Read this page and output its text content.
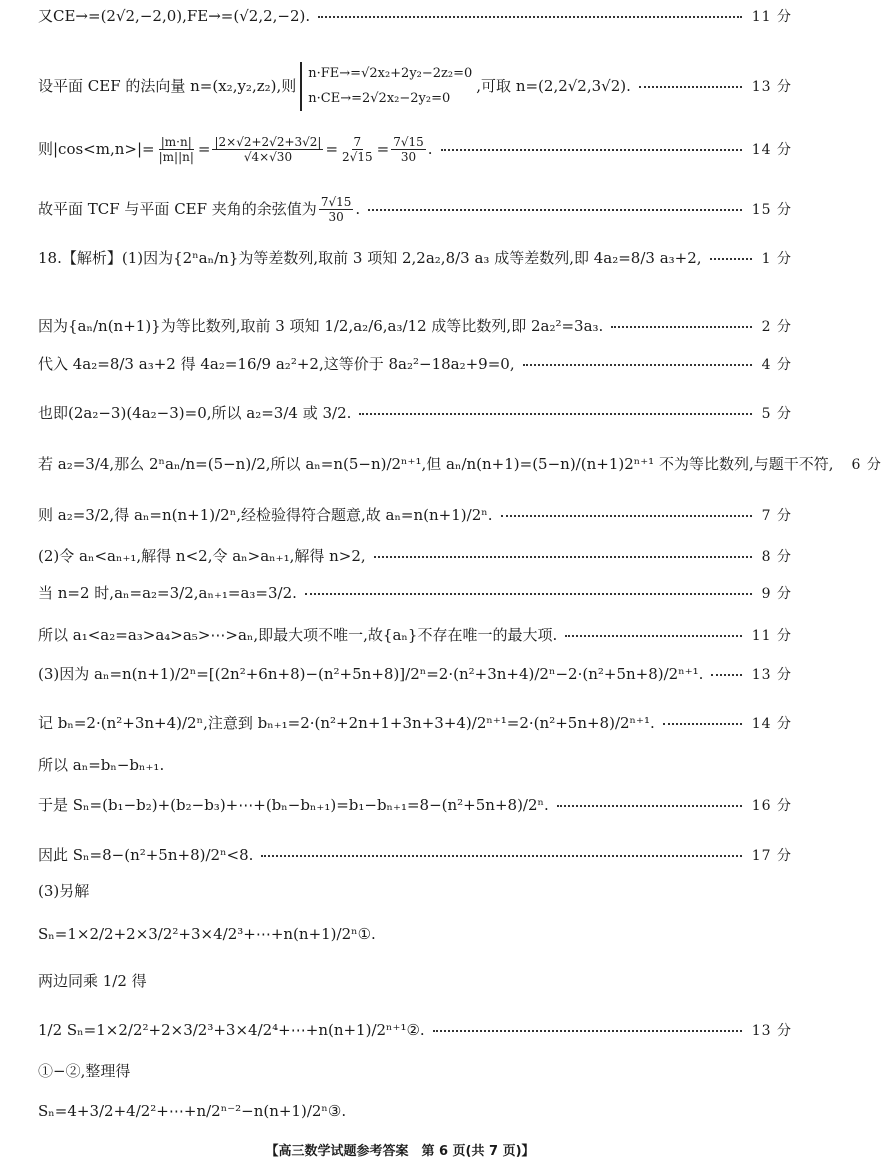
又CE→=(2√2,−2,0),FE→=(√2,2,−2).	11 分
设平面 CEF 的法向量 n=(x₂,y₂,z₂),则
n·FE→=√2x₂+2y₂−2z₂=0
n·CE→=2√2x₂−2y₂=0
,可取 n=(2,2√2,3√2).	13 分
则$|\cos<m,n>|= \frac{|m\cdot n|}{|m||n|} = \frac{|2\times√2+2√2+3√2|}{√4\times√30} = \frac{7}{2√15} = \frac{7√15}{30}$ .	14 分
故平面 TCF 与平面 CEF 夹角的余弦值为 $\frac{7√15}{30}$ .	15 分
18.【解析】(1)因为{2ⁿaₙ/n}为等差数列,取前 3 项知 2,2a₂,8/3 a₃ 成等差数列,即 4a₂=8/3 a₃+2,	1 分
因为{aₙ/n(n+1)}为等比数列,取前 3 项知 1/2,a₂/6,a₃/12 成等比数列,即 2a₂²=3a₃.	2 分
代入 4a₂=8/3 a₃+2 得 4a₂=16/9 a₂²+2,这等价于 8a₂²−18a₂+9=0,	4 分
也即(2a₂−3)(4a₂−3)=0,所以 a₂=3/4 或 3/2.	5 分
若 a₂=3/4,那么 2ⁿaₙ/n=(5−n)/2,所以 aₙ=n(5−n)/2ⁿ⁺¹,但 aₙ/n(n+1)=(5−n)/(n+1)2ⁿ⁺¹ 不为等比数列,与题干不符, 6 分
则 a₂=3/2,得 aₙ=n(n+1)/2ⁿ,经检验得符合题意,故 aₙ=n(n+1)/2ⁿ.	7 分
(2)令 aₙ<aₙ₊₁,解得 n<2,令 aₙ>aₙ₊₁,解得 n>2,	8 分
当 n=2 时,aₙ=a₂=3/2,aₙ₊₁=a₃=3/2.	9 分
所以 a₁<a₂=a₃>a₄>a₅>⋯>aₙ,即最大项不唯一,故{aₙ}不存在唯一的最大项.	11 分
(3)因为 aₙ=n(n+1)/2ⁿ=[(2n²+6n+8)−(n²+5n+8)]/2ⁿ=2·(n²+3n+4)/2ⁿ−2·(n²+5n+8)/2ⁿ⁺¹.	13 分
记 bₙ=2·(n²+3n+4)/2ⁿ,注意到 bₙ₊₁=2·(n²+2n+1+3n+3+4)/2ⁿ⁺¹=2·(n²+5n+8)/2ⁿ⁺¹.	14 分
所以 aₙ=bₙ−bₙ₊₁.
于是 Sₙ=(b₁−b₂)+(b₂−b₃)+⋯+(bₙ−bₙ₊₁)=b₁−bₙ₊₁=8−(n²+5n+8)/2ⁿ.	16 分
因此 Sₙ=8−(n²+5n+8)/2ⁿ<8.	17 分
(3)另解
Sₙ=1×2/2+2×3/2²+3×4/2³+⋯+n(n+1)/2ⁿ①.
两边同乘 1/2 得
1/2 Sₙ=1×2/2²+2×3/2³+3×4/2⁴+⋯+n(n+1)/2ⁿ⁺¹②.	13 分
①−②,整理得
Sₙ=4+3/2+4/2²+⋯+n/2ⁿ⁻²−n(n+1)/2ⁿ③.
【高三数学试题参考答案　第 6 页(共 7 页)】
